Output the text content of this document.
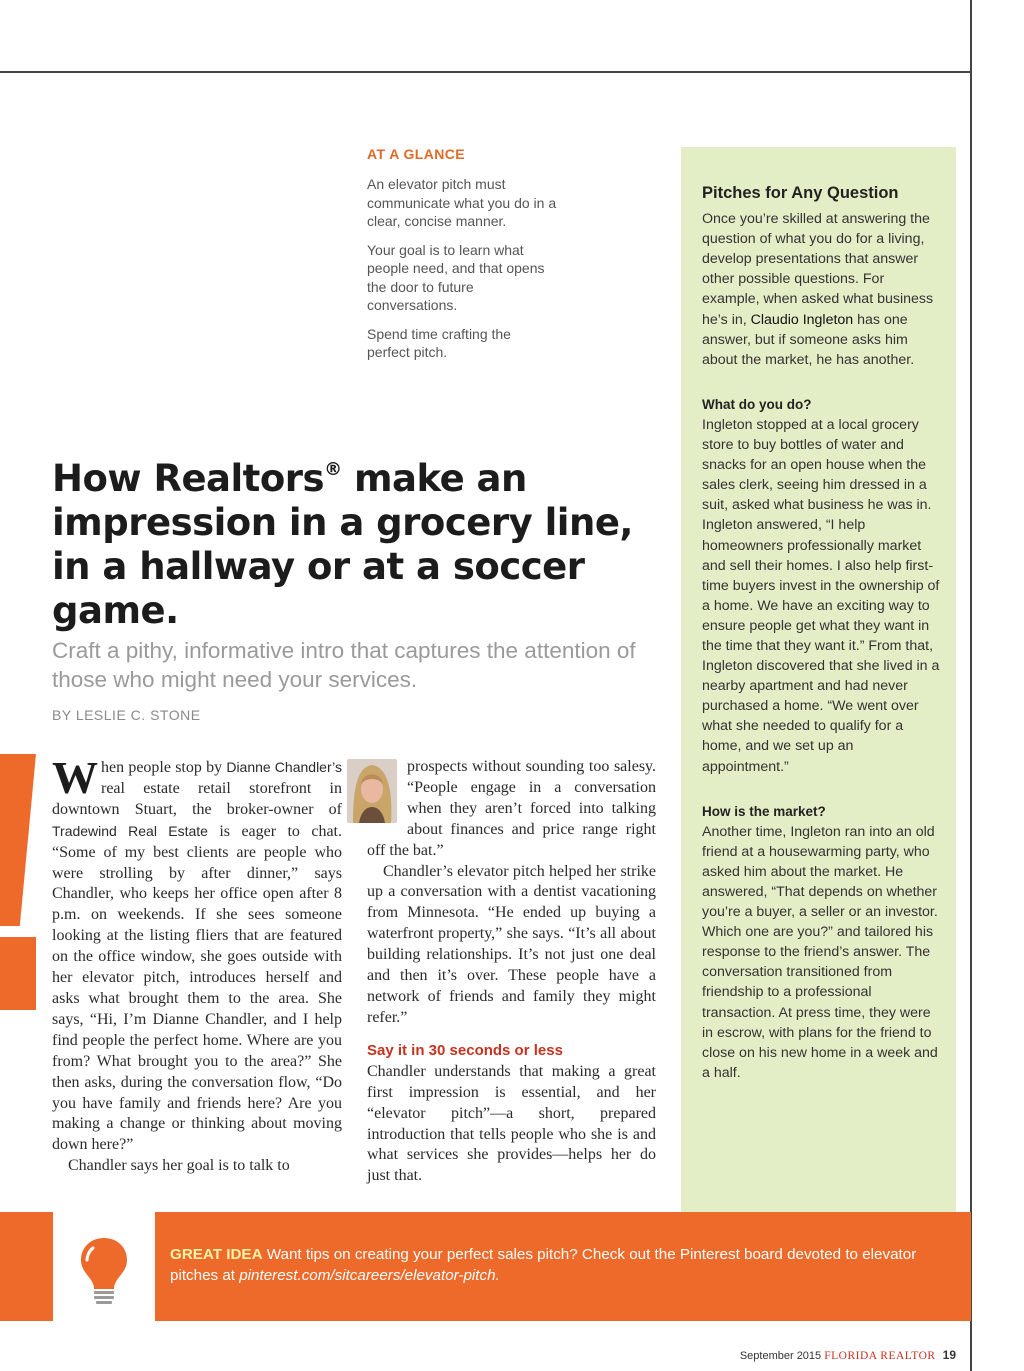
AT A GLANCE

An elevator pitch must communicate what you do in a clear, concise manner.

Your goal is to learn what people need, and that opens the door to future conversations.

Spend time crafting the perfect pitch.

How Realtors® make an impression in a grocery line, in a hallway or at a soccer game.
Craft a pithy, informative intro that captures the attention of those who might need your services.
BY LESLIE C. STONE

When people stop by Dianne Chandler’s real estate retail storefront in downtown Stuart, the broker-owner of Tradewind Real Estate is eager to chat. “Some of my best clients are people who were strolling by after dinner,” says Chandler, who keeps her office open after 8 p.m. on weekends. If she sees someone looking at the listing fliers that are featured on the office window, she goes outside with her elevator pitch, introduces herself and asks what brought them to the area. She says, “Hi, I’m Dianne Chandler, and I help find people the perfect home. Where are you from? What brought you to the area?” She then asks, during the conversation flow, “Do you have family and friends here? Are you making a change or thinking about moving down here?”

Chandler says her goal is to talk to

prospects without sounding too salesy. “People engage in a conversation when they aren’t forced into talking about finances and price range right off the bat.”

Chandler’s elevator pitch helped her strike up a conversation with a dentist vacationing from Minnesota. “He ended up buying a waterfront property,” she says. “It’s all about building relationships. It’s not just one deal and then it’s over. These people have a network of friends and family they might refer.”

Say it in 30 seconds or less

Chandler understands that making a great first impression is essential, and her “elevator pitch”—a short, prepared introduction that tells people who she is and what services she provides—helps her do just that.

Pitches for Any Question

Once you’re skilled at answering the question of what you do for a living, develop presentations that answer other possible questions. For example, when asked what business he’s in, Claudio Ingleton has one answer, but if someone asks him about the market, he has another.

What do you do?

Ingleton stopped at a local grocery store to buy bottles of water and snacks for an open house when the sales clerk, seeing him dressed in a suit, asked what business he was in. Ingleton answered, “I help homeowners professionally market and sell their homes. I also help first-time buyers invest in the ownership of a home. We have an exciting way to ensure people get what they want in the time that they want it.” From that, Ingleton discovered that she lived in a nearby apartment and had never purchased a home. “We went over what she needed to qualify for a home, and we set up an appointment.”

How is the market?

Another time, Ingleton ran into an old friend at a housewarming party, who asked him about the market. He answered, “That depends on whether you’re a buyer, a seller or an investor. Which one are you?” and tailored his response to the friend’s answer. The conversation transitioned from friendship to a professional transaction. At press time, they were in escrow, with plans for the friend to close on his new home in a week and a half.

GREAT IDEA Want tips on creating your perfect sales pitch? Check out the Pinterest board devoted to elevator pitches at pinterest.com/sitcareers/elevator-pitch.
September 2015 FLORIDA REALTOR 19
